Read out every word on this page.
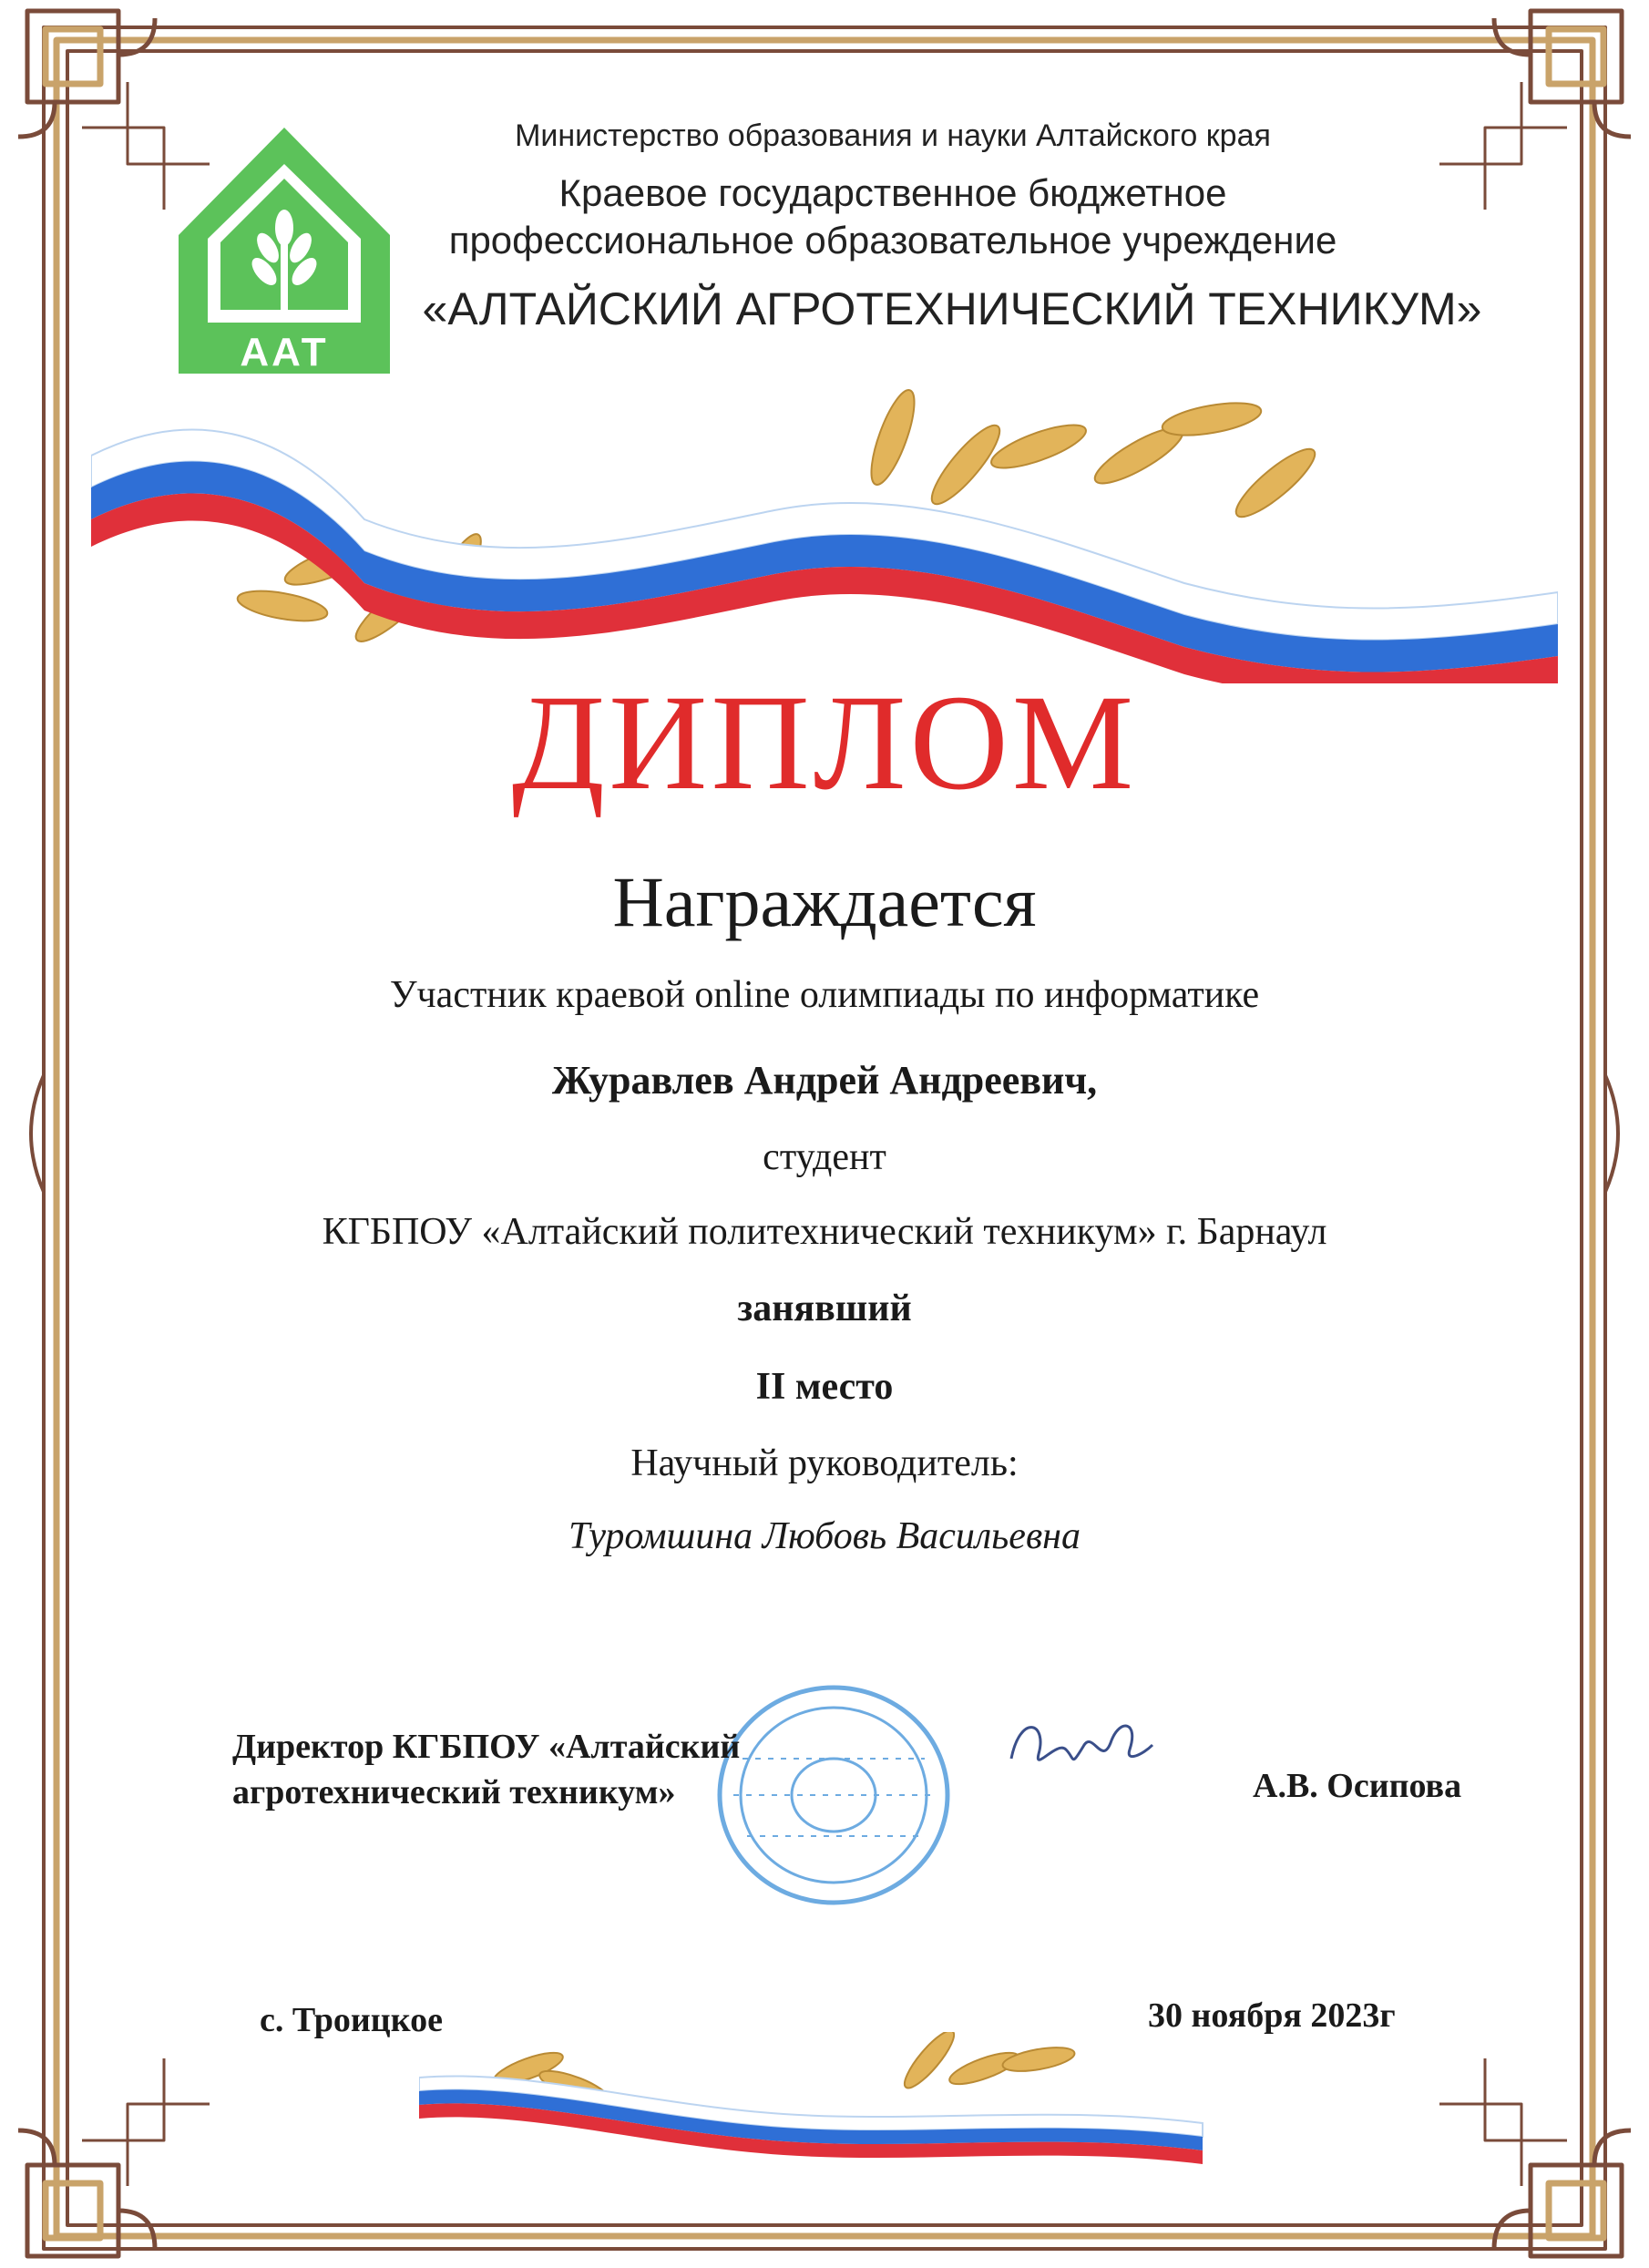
ААТ
Министерство образования и науки Алтайского края
Краевое государственное бюджетное
профессиональное образовательное учреждение
«АЛТАЙСКИЙ АГРОТЕХНИЧЕСКИЙ ТЕХНИКУМ»
ДИПЛОМ
Награждается
Участник краевой online олимпиады по информатике
Журавлев Андрей Андреевич,
студент
КГБПОУ «Алтайский политехнический техникум» г. Барнаул
занявший
II место
Научный руководитель:
Туромшина Любовь Васильевна
Директор КГБПОУ «Алтайский
агротехнический техникум»	А.В. Осипова
с. Троицкое	30 ноября 2023г
